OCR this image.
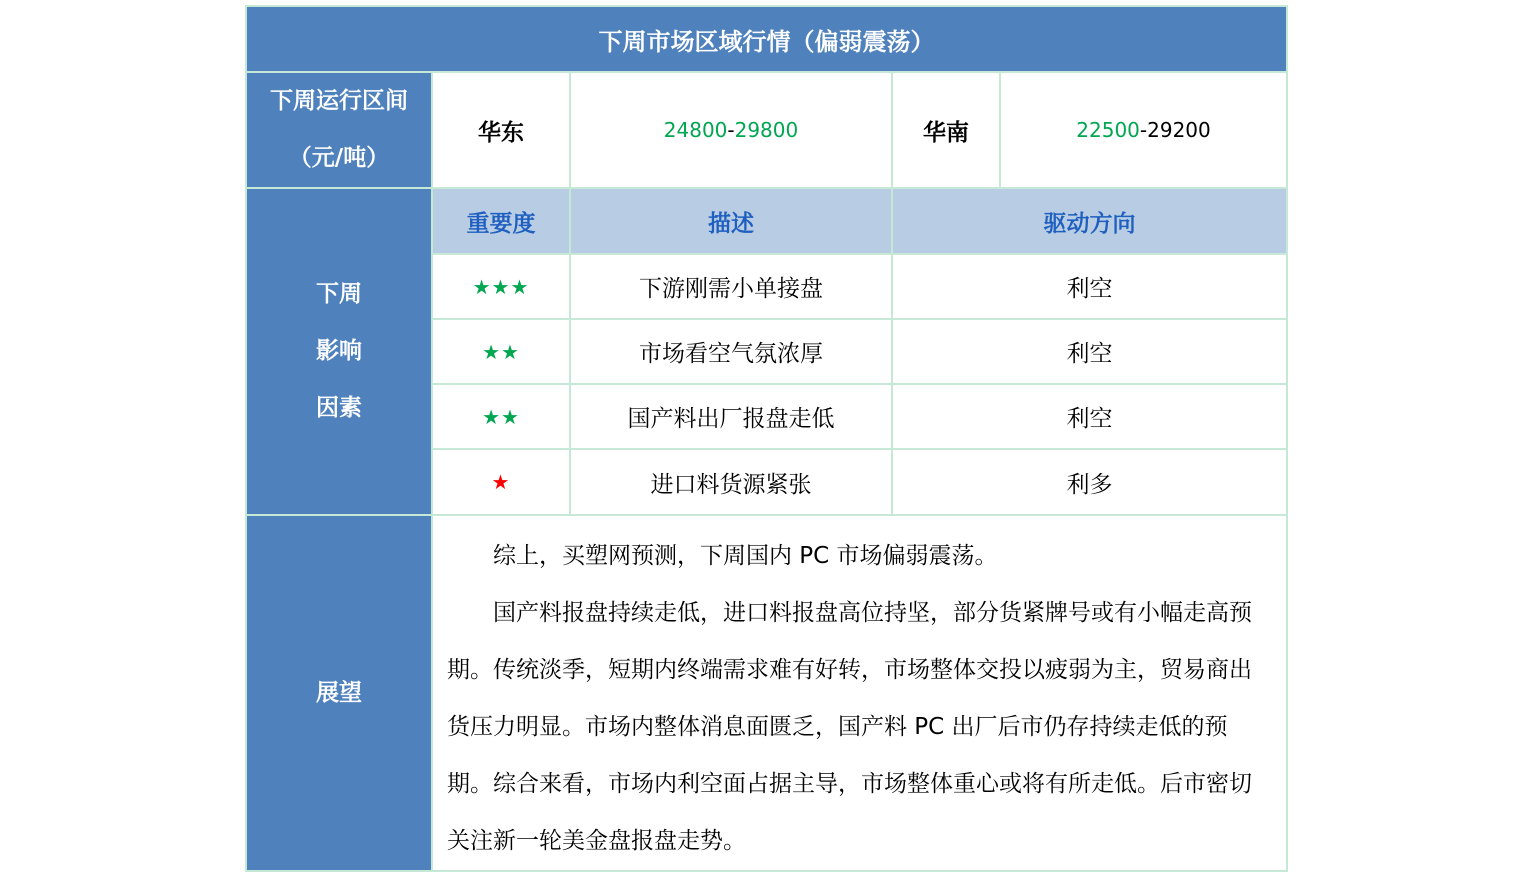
下周市场区域行情（偏弱震荡）				

下周运行区间
（元/吨）	华东	24800-29800	华南	22500-29200

下周
影响
因素	重要度	描述	驱动方向	
	★★★	下游刚需小单接盘	利空	
	★★	市场看空气氛浓厚	利空	
	★★	国产料出厂报盘走低	利空	
	★	进口料货源紧张	利多	
展望	综上，买塑网预测，下周国内 PC 市场偏弱震荡。

国产料报盘持续走低，进口料报盘高位持坚，部分货紧牌号或有小幅走高预期。传统淡季，短期内终端需求难有好转，市场整体交投以疲弱为主，贸易商出货压力明显。市场内整体消息面匮乏，国产料 PC 出厂后市仍存持续走低的预期。综合来看，市场内利空面占据主导，市场整体重心或将有所走低。后市密切关注新一轮美金盘报盘走势。			
